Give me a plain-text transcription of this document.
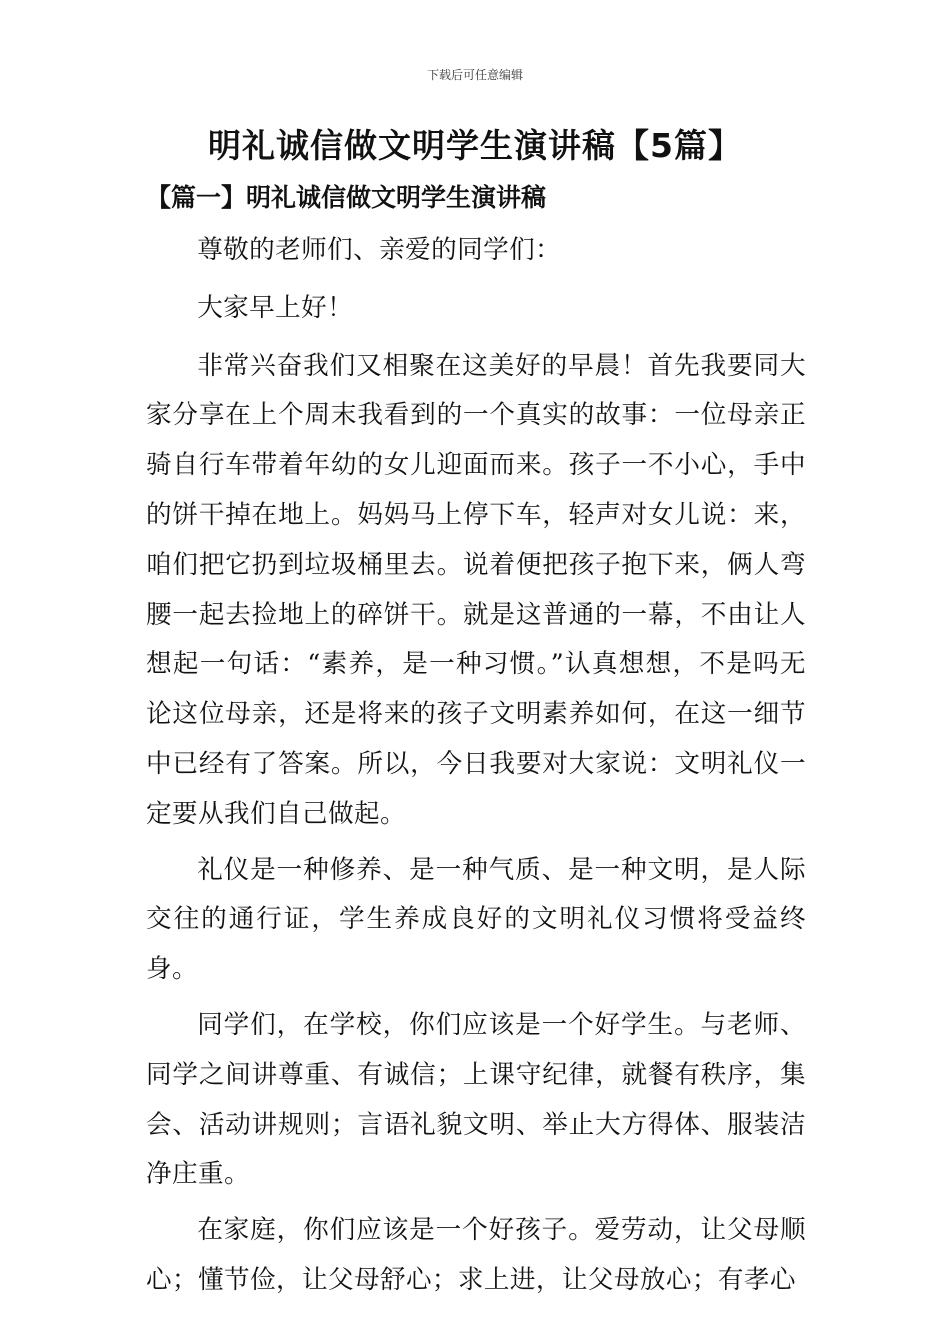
下载后可任意编辑
明礼诚信做文明学生演讲稿【5篇】
【篇一】明礼诚信做文明学生演讲稿

尊敬的老师们、亲爱的同学们：

大家早上好！

非常兴奋我们又相聚在这美好的早晨！首先我要同大家分享在上个周末我看到的一个真实的故事：一位母亲正骑自行车带着年幼的女儿迎面而来。孩子一不小心，手中的饼干掉在地上。妈妈马上停下车，轻声对女儿说：来，咱们把它扔到垃圾桶里去。说着便把孩子抱下来，俩人弯腰一起去捡地上的碎饼干。就是这普通的一幕，不由让人想起一句话：“素养，是一种习惯。”认真想想，不是吗无论这位母亲，还是将来的孩子文明素养如何，在这一细节中已经有了答案。所以，今日我要对大家说：文明礼仪一定要从我们自己做起。

礼仪是一种修养、是一种气质、是一种文明，是人际交往的通行证，学生养成良好的文明礼仪习惯将受益终身。

同学们，在学校，你们应该是一个好学生。与老师、同学之间讲尊重、有诚信；上课守纪律，就餐有秩序，集会、活动讲规则；言语礼貌文明、举止大方得体、服装洁净庄重。

在家庭，你们应该是一个好孩子。爱劳动，让父母顺心；懂节俭，让父母舒心；求上进，让父母放心；有孝心
